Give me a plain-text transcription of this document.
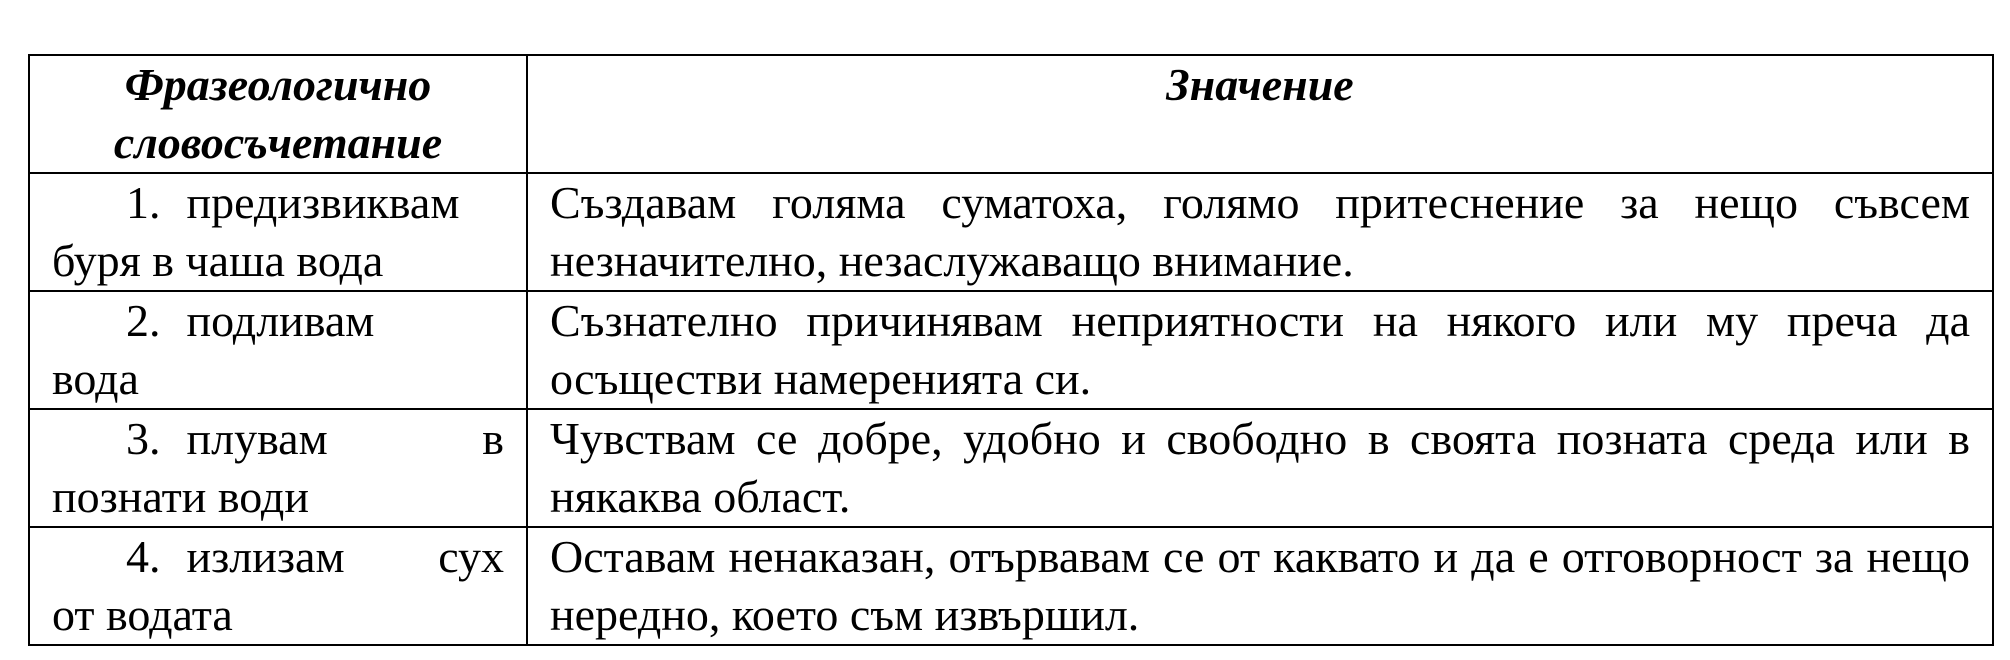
Фразеологично словосъчетание	Значение

1. предизвиквам
буря в чаша вода	Създавам голяма суматоха, голямо притеснение за нещо съвсем незначително, незаслужаващо внимание.

2. подливам
вода	Съзнателно причинявам неприятности на някого или му преча да осъществи намеренията си.

3. плувам в
познати води	Чувствам се добре, удобно и свободно в своята позната среда или в някаква област.

4. излизам сух
от водата	Оставам ненаказан, отървавам се от каквато и да е отговорност за нещо нередно, което съм извършил.
